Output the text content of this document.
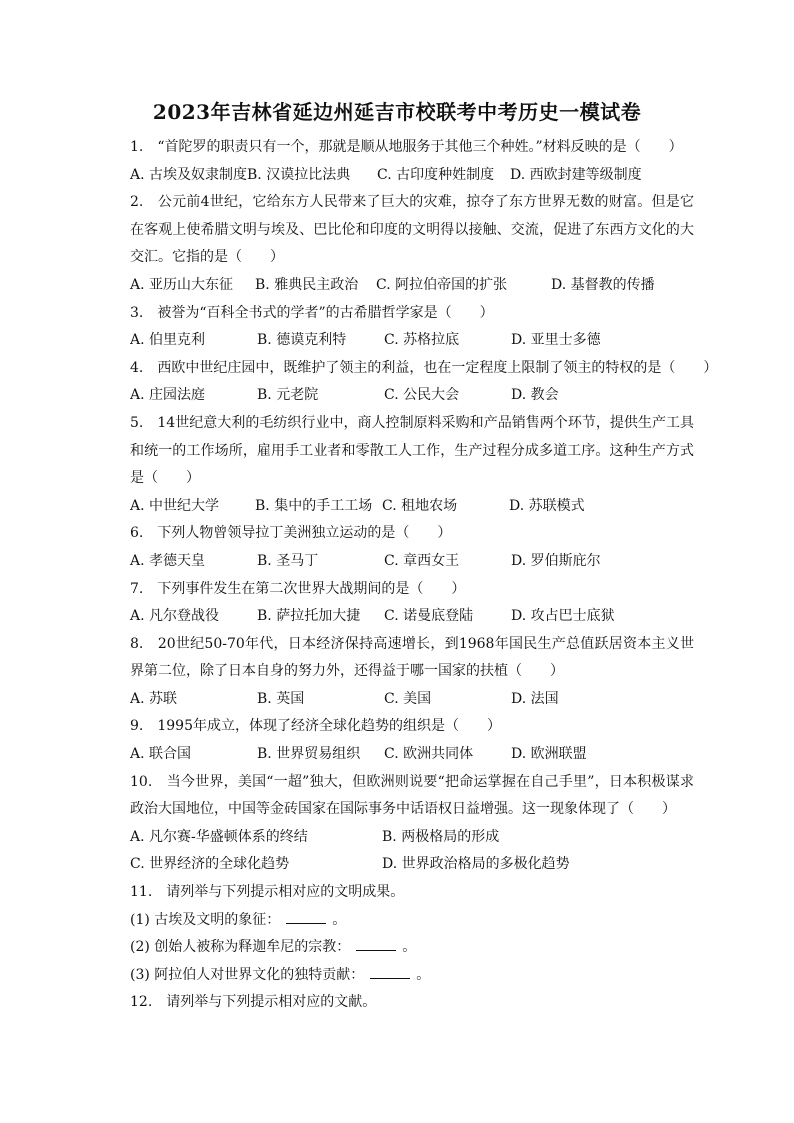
2023年吉林省延边州延吉市校联考中考历史一模试卷
1.　“首陀罗的职责只有一个，那就是顺从地服务于其他三个种姓。”材料反映的是（　　）
A. 古埃及奴隶制度 B. 汉谟拉比法典	C. 古印度种姓制度	D. 西欧封建等级制度
2.　公元前4世纪，它给东方人民带来了巨大的灾难，掠夺了东方世界无数的财富。但是它在客观上使希腊文明与埃及、巴比伦和印度的文明得以接触、交流，促进了东西方文化的大交汇。它指的是（　　）
A. 亚历山大东征	B. 雅典民主政治	C. 阿拉伯帝国的扩张	D. 基督教的传播
3.　被誉为“百科全书式的学者”的古希腊哲学家是（　　）
A. 伯里克利	B. 德谟克利特	C. 苏格拉底	D. 亚里士多德
4.　西欧中世纪庄园中，既维护了领主的利益，也在一定程度上限制了领主的特权的是（　　）
A. 庄园法庭	B. 元老院	C. 公民大会	D. 教会
5.　14世纪意大利的毛纺织行业中，商人控制原料采购和产品销售两个环节，提供生产工具和统一的工作场所，雇用手工业者和零散工人工作，生产过程分成多道工序。这种生产方式是（　　）
A. 中世纪大学	B. 集中的手工工场 C. 租地农场	D. 苏联模式
6.　下列人物曾领导拉丁美洲独立运动的是（　　）
A. 孝德天皇	B. 圣马丁	C. 章西女王	D. 罗伯斯庇尔
7.　下列事件发生在第二次世界大战期间的是（　　）
A. 凡尔登战役	B. 萨拉托加大捷	C. 诺曼底登陆	D. 攻占巴士底狱
8.　20世纪50-70年代，日本经济保持高速增长，到1968年国民生产总值跃居资本主义世界第二位，除了日本自身的努力外，还得益于哪一国家的扶植（　　）
A. 苏联	B. 英国	C. 美国	D. 法国
9.　1995年成立，体现了经济全球化趋势的组织是（　　）
A. 联合国	B. 世界贸易组织	C. 欧洲共同体	D. 欧洲联盟
10.　当今世界，美国“一超”独大，但欧洲则说要“把命运掌握在自己手里”，日本积极谋求政治大国地位，中国等金砖国家在国际事务中话语权日益增强。这一现象体现了（　　）
A. 凡尔赛-华盛顿体系的终结	B. 两极格局的形成
C. 世界经济的全球化趋势	D. 世界政治格局的多极化趋势
11.　请列举与下列提示相对应的文明成果。
(1) 古埃及文明的象征：	。
(2) 创始人被称为释迦牟尼的宗教：	。
(3) 阿拉伯人对世界文化的独特贡献：	。
12.　请列举与下列提示相对应的文献。
